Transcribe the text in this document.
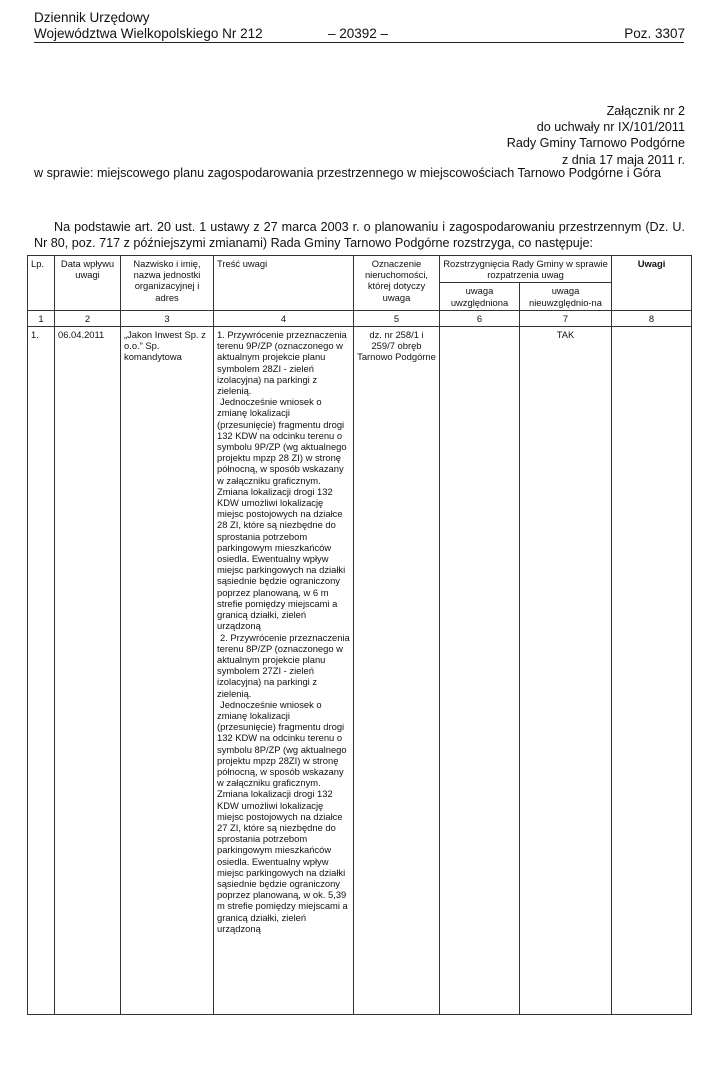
Dziennik Urzędowy
Województwa Wielkopolskiego Nr 212	– 20392 –	Poz. 3307
Załącznik nr 2
do uchwały nr IX/101/2011
Rady Gminy Tarnowo Podgórne
z dnia 17 maja 2011 r.
w sprawie: miejscowego planu zagospodarowania przestrzennego w miejscowościach Tarnowo Podgórne i Góra
Na podstawie art. 20 ust. 1 ustawy z 27 marca 2003 r. o planowaniu i zagospodarowaniu przestrzennym (Dz. U. Nr 80, poz. 717 z późniejszymi zmianami) Rada Gminy Tarnowo Podgórne rozstrzyga, co następuje:
Lp.	Data wpływu uwagi	Nazwisko i imię, nazwa jednostki organizacyjnej i adres	Treść uwagi	Oznaczenie nieruchomości, której dotyczy uwaga	Rozstrzygnięcia Rady Gminy w sprawie rozpatrzenia uwag		Uwagi
					uwaga uwzględniona	uwaga nieuwzględnio-na	
1	2	3	4	5	6	7	8
1.	06.04.2011	„Jakon Inwest Sp. z o.o.” Sp. komandytowa	1. Przywrócenie przeznaczenia terenu 9P/ZP (oznaczonego w aktualnym projekcie planu symbolem 28ZI - zieleń izolacyjna) na parkingi z zielenią.

Jednocześnie wniosek o zmianę lokalizacji (przesunięcie) fragmentu drogi 132 KDW na odcinku terenu o symbolu 9P/ZP (wg aktualnego projektu mpzp 28 ZI) w stronę północną, w sposób wskazany w załączniku graficznym. Zmiana lokalizacji drogi 132 KDW umożliwi lokalizację miejsc postojowych na działce 28 ZI, które są niezbędne do sprostania potrzebom parkingowym mieszkańców osiedla. Ewentualny wpływ miejsc parkingowych na działki sąsiednie będzie ograniczony poprzez planowaną, w 6 m strefie pomiędzy miejscami a granicą działki, zieleń urządzoną

2. Przywrócenie przeznaczenia terenu 8P/ZP (oznaczonego w aktualnym projekcie planu symbolem 27ZI - zieleń izolacyjna) na parkingi z zielenią.

Jednocześnie wniosek o zmianę lokalizacji (przesunięcie) fragmentu drogi 132 KDW na odcinku terenu o symbolu 8P/ZP (wg aktualnego projektu mpzp 28ZI) w stronę północną, w sposób wskazany w załączniku graficznym. Zmiana lokalizacji drogi 132 KDW umożliwi lokalizację miejsc postojowych na działce 27 ZI, które są niezbędne do sprostania potrzebom parkingowym mieszkańców osiedla. Ewentualny wpływ miejsc parkingowych na działki sąsiednie będzie ograniczony poprzez planowaną, w ok. 5,39 m strefie pomiędzy miejscami a granicą działki, zieleń urządzoną	dz. nr 258/1 i 259/7 obręb Tarnowo Podgórne		TAK	
